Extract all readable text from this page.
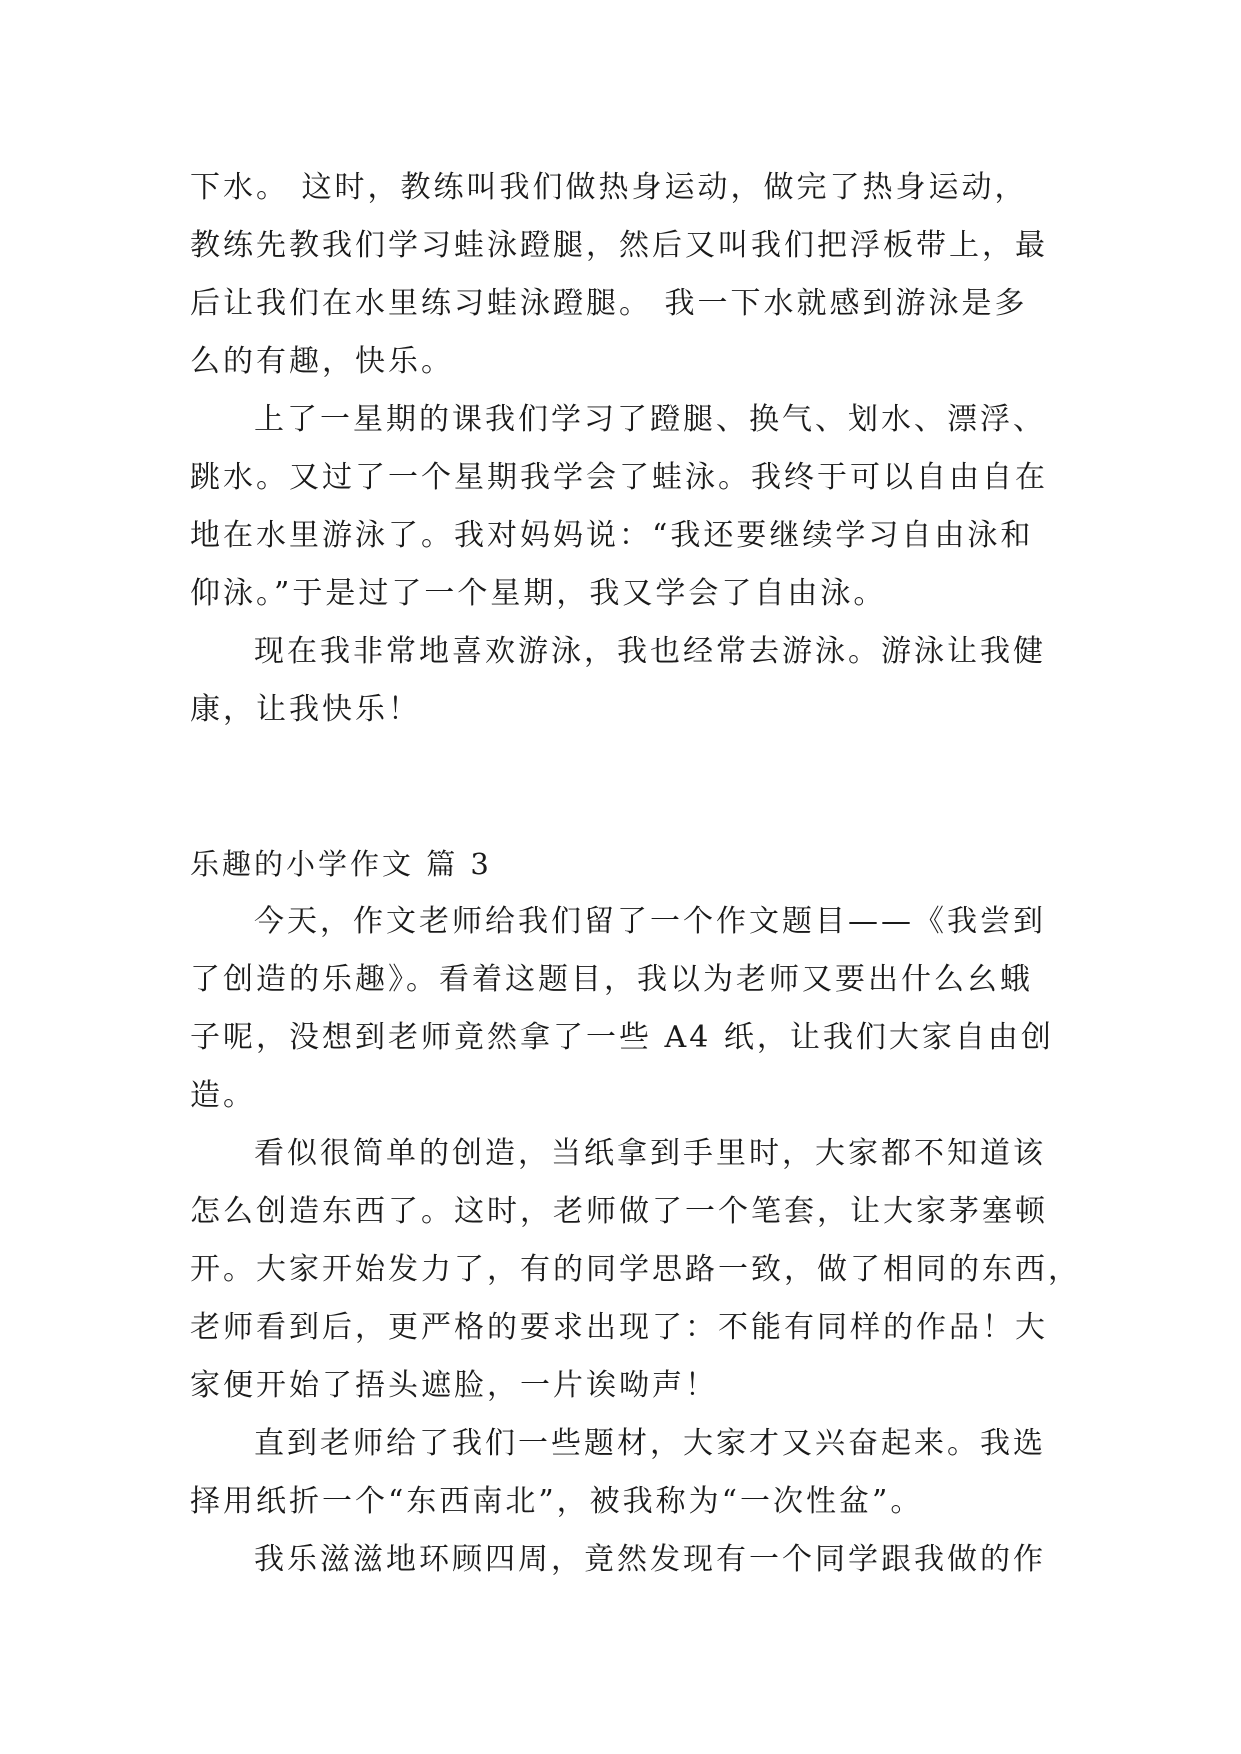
下水。 这时，教练叫我们做热身运动，做完了热身运动，
教练先教我们学习蛙泳蹬腿，然后又叫我们把浮板带上，最
后让我们在水里练习蛙泳蹬腿。 我一下水就感到游泳是多
么的有趣，快乐。
上了一星期的课我们学习了蹬腿、换气、划水、漂浮、
跳水。又过了一个星期我学会了蛙泳。我终于可以自由自在
地在水里游泳了。我对妈妈说：“我还要继续学习自由泳和
仰泳。”于是过了一个星期，我又学会了自由泳。
现在我非常地喜欢游泳，我也经常去游泳。游泳让我健
康，让我快乐！
乐趣的小学作文 篇 3
今天，作文老师给我们留了一个作文题目——《我尝到
了创造的乐趣》。看着这题目，我以为老师又要出什么幺蛾
子呢，没想到老师竟然拿了一些 A4 纸，让我们大家自由创
造。
看似很简单的创造，当纸拿到手里时，大家都不知道该
怎么创造东西了。这时，老师做了一个笔套，让大家茅塞顿
开。大家开始发力了，有的同学思路一致，做了相同的东西，
老师看到后，更严格的要求出现了：不能有同样的作品！大
家便开始了捂头遮脸，一片诶呦声！
直到老师给了我们一些题材，大家才又兴奋起来。我选
择用纸折一个“东西南北”，被我称为“一次性盆”。
我乐滋滋地环顾四周，竟然发现有一个同学跟我做的作
